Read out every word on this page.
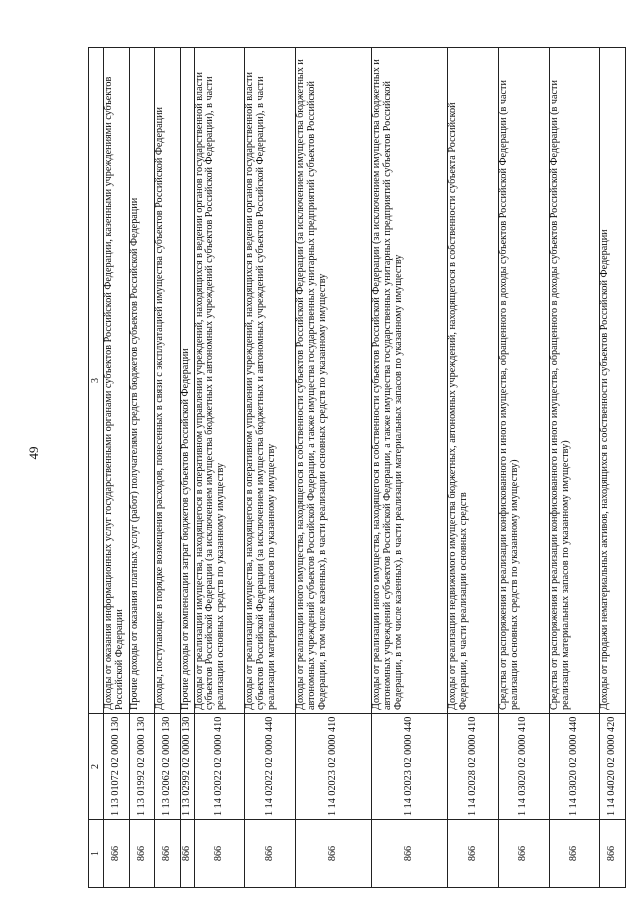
49
1	2	3
866	1 13 01072 02 0000 130	Доходы от оказания информационных услуг государственными органами субъектов Российской Федерации, казенными учреждениями субъектов Российской Федерации
866	1 13 01992 02 0000 130	Прочие доходы от оказания платных услуг (работ) получателями средств бюджетов субъектов Российской Федерации
866	1 13 02062 02 0000 130	Доходы, поступающие в порядке возмещения расходов, понесенных в связи с эксплуатацией имущества субъектов Российской Федерации
866	1 13 02992 02 0000 130	Прочие доходы от компенсации затрат бюджетов субъектов Российской Федерации
866	1 14 02022 02 0000 410	Доходы от реализации имущества, находящегося в оперативном управлении учреждений, находящихся в ведении органов государственной власти субъектов Российской Федерации (за исключением имущества бюджетных и автономных учреждений субъектов Российской Федерации), в части реализации основных средств по указанному имуществу
866	1 14 02022 02 0000 440	Доходы от реализации имущества, находящегося в оперативном управлении учреждений, находящихся в ведении органов государственной власти субъектов Российской Федерации (за исключением имущества бюджетных и автономных учреждений субъектов Российской Федерации), в части реализации материальных запасов по указанному имуществу
866	1 14 02023 02 0000 410	Доходы от реализации иного имущества, находящегося в собственности субъектов Российской Федерации (за исключением имущества бюджетных и автономных учреждений субъектов Российской Федерации, а также имущества государственных унитарных предприятий субъектов Российской Федерации, в том числе казенных), в части реализации основных средств по указанному имуществу
866	1 14 02023 02 0000 440	Доходы от реализации иного имущества, находящегося в собственности субъектов Российской Федерации (за исключением имущества бюджетных и автономных учреждений субъектов Российской Федерации, а также имущества государственных унитарных предприятий субъектов Российской Федерации, в том числе казенных), в части реализации материальных запасов по указанному имуществу
866	1 14 02028 02 0000 410	Доходы от реализации недвижимого имущества бюджетных, автономных учреждений, находящегося в собственности субъекта Российской Федерации, в части реализации основных средств
866	1 14 03020 02 0000 410	Средства от распоряжения и реализации конфискованного и иного имущества, обращенного в доходы субъектов Российской Федерации (в части реализации основных средств по указанному имуществу)
866	1 14 03020 02 0000 440	Средства от распоряжения и реализации конфискованного и иного имущества, обращенного в доходы субъектов Российской Федерации (в части реализации материальных запасов по указанному имуществу)
866	1 14 04020 02 0000 420	Доходы от продажи нематериальных активов, находящихся в собственности субъектов Российской Федерации
